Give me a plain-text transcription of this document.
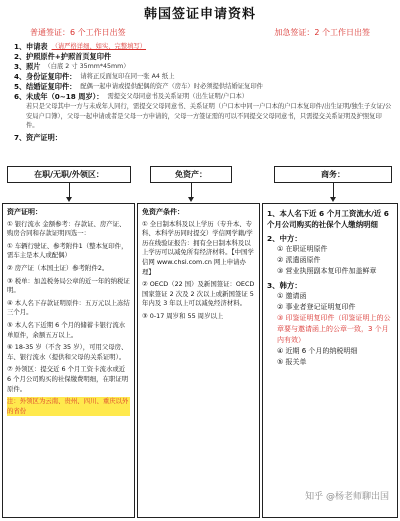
韩国签证申请资料
普通签证：6 个工作日出签	加急签证：2 个工作日出签
1、 申请表 （请严格详细、如实、完整填写）
2、 护照原件+护照首页复印件
3、 照片 （白底 2 寸 35mm*45mm）
4、 身份证复印件： 请将正反面复印在同一张 A4 纸上
5、 结婚证复印件： 配偶一起申请或提供配偶的资产（房车）时必须提供结婚证复印件
6、 未成年（0~18 周岁）： 需提交父母同意书及关系证明（出生证明/户口本）
若只是父母其中一方与未成年人同行，需提交父母同意书、关系证明（户口本中同一户口本的户口本复印件/出生证明/独生子女证/公安局户口簿），父母一起申请或者是父母一方申请的，父母一方签证需的可以不同提交父母同意书，只需提交关系证明及护照复印件。
7、 资产证明：
在职/无职/外领区：	免资产：	商务：
资产证明：

① 银行流水 金额参考：存款证、房产证、购房合同和存款证明四选一：

① 车辆行驶证、参考附件1（整本复印件，需车主是本人或配偶）

② 房产证（本国土证）参考附件2。

③ 税单：加盖税务局公章的近一年的纳税证明。

④ 本人名下存款证明原件：五万元以上冻结三个月。

⑤ 本人名下近期 6 个月的储蓄卡银行流水单原件，余额五万以上。

⑥ 18-35 岁（不含 35 岁），可用父母房、车、银行流水（提供和父母的关系证明）。

⑦ 外领区：提交近 6 个月工资卡流水或近 6 个月公司购买的社保缴费明细，在职证明原件。

注：外领区为云南、贵州、四川、重庆以外的省份

免资产条件：

① 全日制本科及以上学历（专升本、专科、本科学历同时提交）学信网学籍/学历在线验证报告：拥有全日制本科及以上学历可以减免所有经济材料。【中国学信网 www.chsi.com.cn 网上申请办理】

② OECD（22 国）及新国签证：OECD国家签证 2 次及 2 次以上或新国签证 5 年内及 3 年以上可以减免经济材料。

③ 0-17 周岁和 55 周岁以上

1、本人名下近 6 个月工资流水/近 6 个月公司购买的社保个人缴纳明细
2、中方：
① 在职证明原件
② 派遣函原件
③ 营业执照副本复印件加盖鲜章
3、韩方：
① 邀请函
② 事业者登记证明复印件
③ 印鉴证明复印件（印鉴证明上的公章要与邀请函上的公章一致，3 个月内有效）
④ 近期 6 个月的纳税明细
⑤ 报关单
知乎 @杨老师聊出国
